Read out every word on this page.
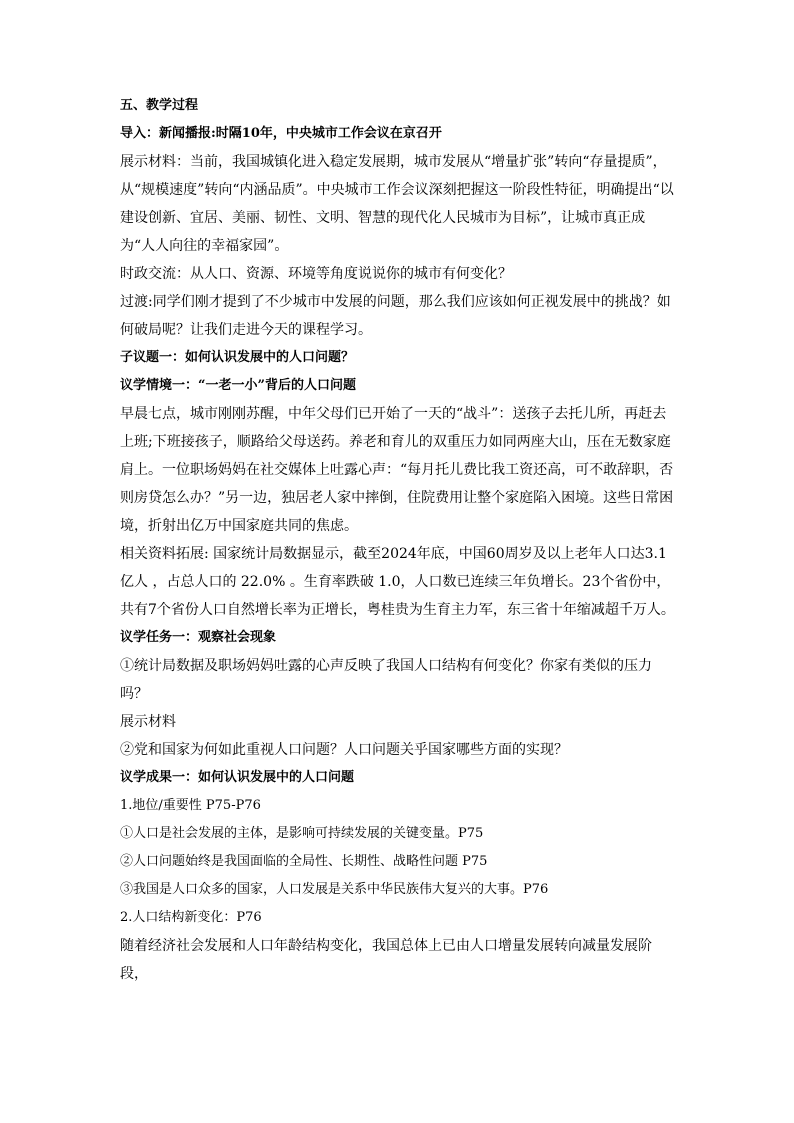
五、教学过程

导入：新闻播报:时隔10年，中央城市工作会议在京召开

展示材料：当前，我国城镇化进入稳定发展期，城市发展从“增量扩张”转向“存量提质”，从“规模速度”转向“内涵品质”。中央城市工作会议深刻把握这一阶段性特征，明确提出“以建设创新、宜居、美丽、韧性、文明、智慧的现代化人民城市为目标”，让城市真正成为“人人向往的幸福家园”。

时政交流：从人口、资源、环境等角度说说你的城市有何变化？

过渡:同学们刚才提到了不少城市中发展的问题，那么我们应该如何正视发展中的挑战？如何破局呢？让我们走进今天的课程学习。

子议题一：如何认识发展中的人口问题？

议学情境一：“一老一小”背后的人口问题

早晨七点，城市刚刚苏醒，中年父母们已开始了一天的“战斗”：送孩子去托儿所，再赶去上班;下班接孩子，顺路给父母送药。养老和育儿的双重压力如同两座大山，压在无数家庭肩上。一位职场妈妈在社交媒体上吐露心声：“每月托儿费比我工资还高，可不敢辞职，否则房贷怎么办？”另一边，独居老人家中摔倒，住院费用让整个家庭陷入困境。这些日常困境，折射出亿万中国家庭共同的焦虑。

相关资料拓展: 国家统计局数据显示，截至2024年底，中国60周岁及以上老年人口达3.1亿人 ，占总人口的 22.0% 。生育率跌破 1.0，人口数已连续三年负增长。23个省份中，共有7个省份人口自然增长率为正增长，粤桂贵为生育主力军，东三省十年缩减超千万人。

议学任务一：观察社会现象

①统计局数据及职场妈妈吐露的心声反映了我国人口结构有何变化？你家有类似的压力吗？

展示材料

②党和国家为何如此重视人口问题？人口问题关乎国家哪些方面的实现？

议学成果一：如何认识发展中的人口问题

1.地位/重要性 P75-P76

①人口是社会发展的主体，是影响可持续发展的关键变量。P75

②人口问题始终是我国面临的全局性、长期性、战略性问题 P75

③我国是人口众多的国家，人口发展是关系中华民族伟大复兴的大事。P76

2.人口结构新变化：P76

随着经济社会发展和人口年龄结构变化，我国总体上已由人口增量发展转向减量发展阶段，
